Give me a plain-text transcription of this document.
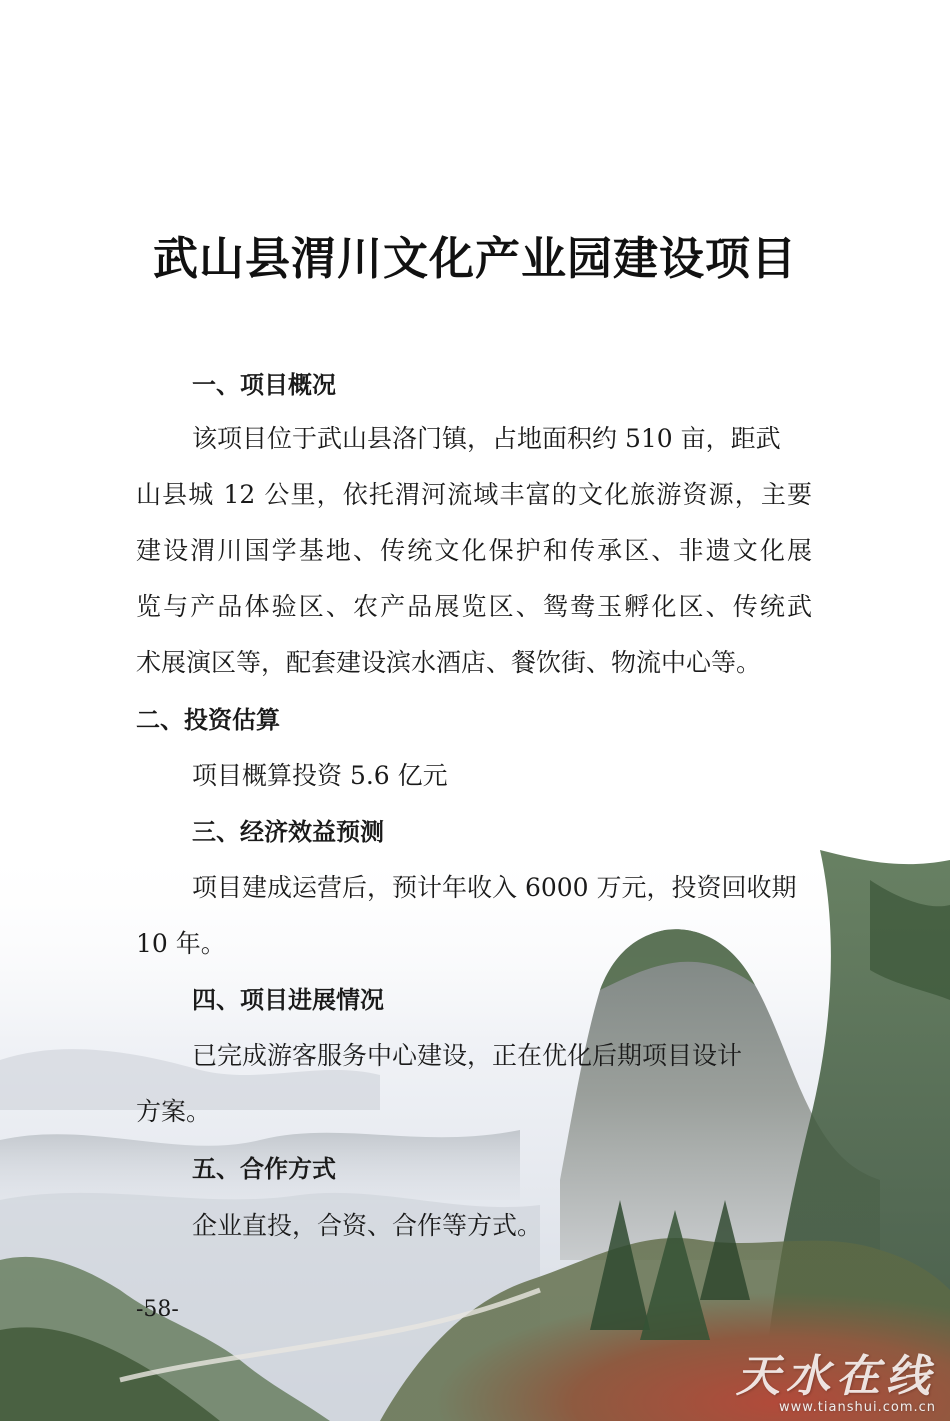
武山县渭川文化产业园建设项目
一、项目概况
该项目位于武山县洛门镇，占地面积约 510 亩，距武
山县城 12 公里，依托渭河流域丰富的文化旅游资源，主要
建设渭川国学基地、传统文化保护和传承区、非遗文化展
览与产品体验区、农产品展览区、鸳鸯玉孵化区、传统武
术展演区等，配套建设滨水酒店、餐饮街、物流中心等。
二、投资估算
项目概算投资 5.6 亿元
三、经济效益预测
项目建成运营后，预计年收入 6000 万元，投资回收期
10 年。
四、项目进展情况
已完成游客服务中心建设，正在优化后期项目设计
方案。
五、合作方式
企业直投，合资、合作等方式。
-58-
天水在线
www.tianshui.com.cn
